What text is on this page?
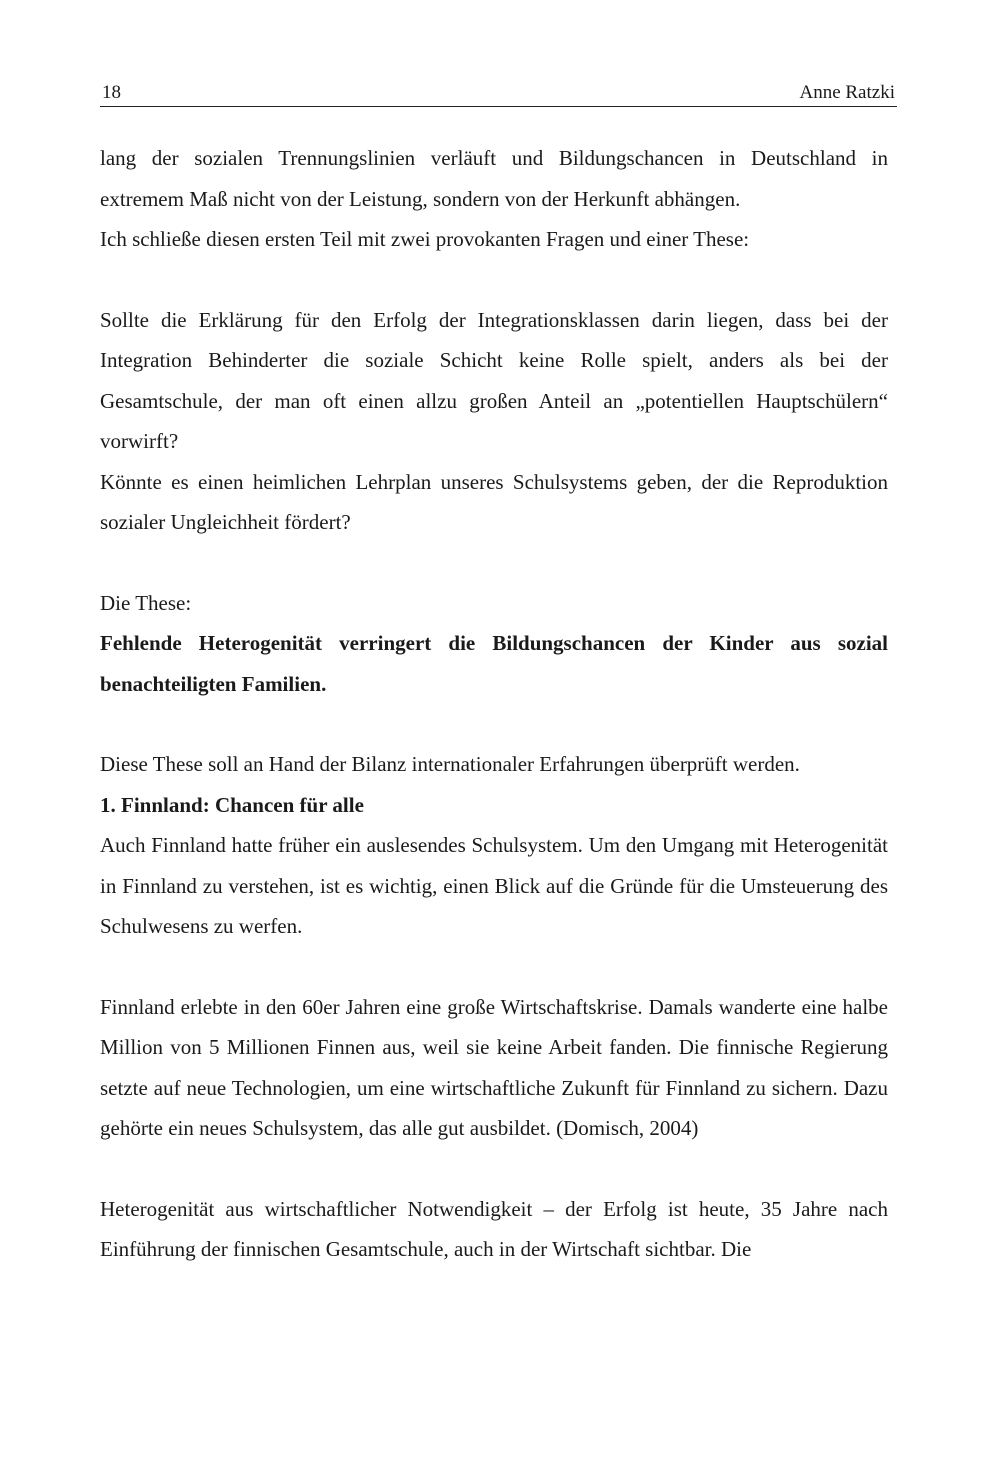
18	Anne Ratzki

lang der sozialen Trennungslinien verläuft und Bildungschancen in Deutschland in

extremem Maß nicht von der Leistung, sondern von der Herkunft abhängen.

Ich schließe diesen ersten Teil mit zwei provokanten Fragen und einer These:

Sollte die Erklärung für den Erfolg der Integrationsklassen darin liegen, dass bei der Integration Behinderter die soziale Schicht keine Rolle spielt, anders als bei der Gesamtschule, der man oft einen allzu großen Anteil an „potentiellen Hauptschülern“ vorwirft?

Könnte es einen heimlichen Lehrplan unseres Schulsystems geben, der die Reproduktion sozialer Ungleichheit fördert?

Die These:

Fehlende Heterogenität verringert die Bildungschancen der Kinder aus sozial benachteiligten Familien.

Diese These soll an Hand der Bilanz internationaler Erfahrungen überprüft werden.

1. Finnland: Chancen für alle

Auch Finnland hatte früher ein auslesendes Schulsystem. Um den Umgang mit Heterogenität in Finnland zu verstehen, ist es wichtig, einen Blick auf die Gründe für die Umsteuerung des Schulwesens zu werfen.

Finnland erlebte in den 60er Jahren eine große Wirtschaftskrise. Damals wanderte eine halbe Million von 5 Millionen Finnen aus, weil sie keine Arbeit fanden. Die finnische Regierung setzte auf neue Technologien, um eine wirtschaftliche Zukunft für Finnland zu sichern. Dazu gehörte ein neues Schulsystem, das alle gut ausbildet. (Domisch, 2004)

Heterogenität aus wirtschaftlicher Notwendigkeit – der Erfolg ist heute, 35 Jahre nach Einführung der finnischen Gesamtschule, auch in der Wirtschaft sichtbar. Die
